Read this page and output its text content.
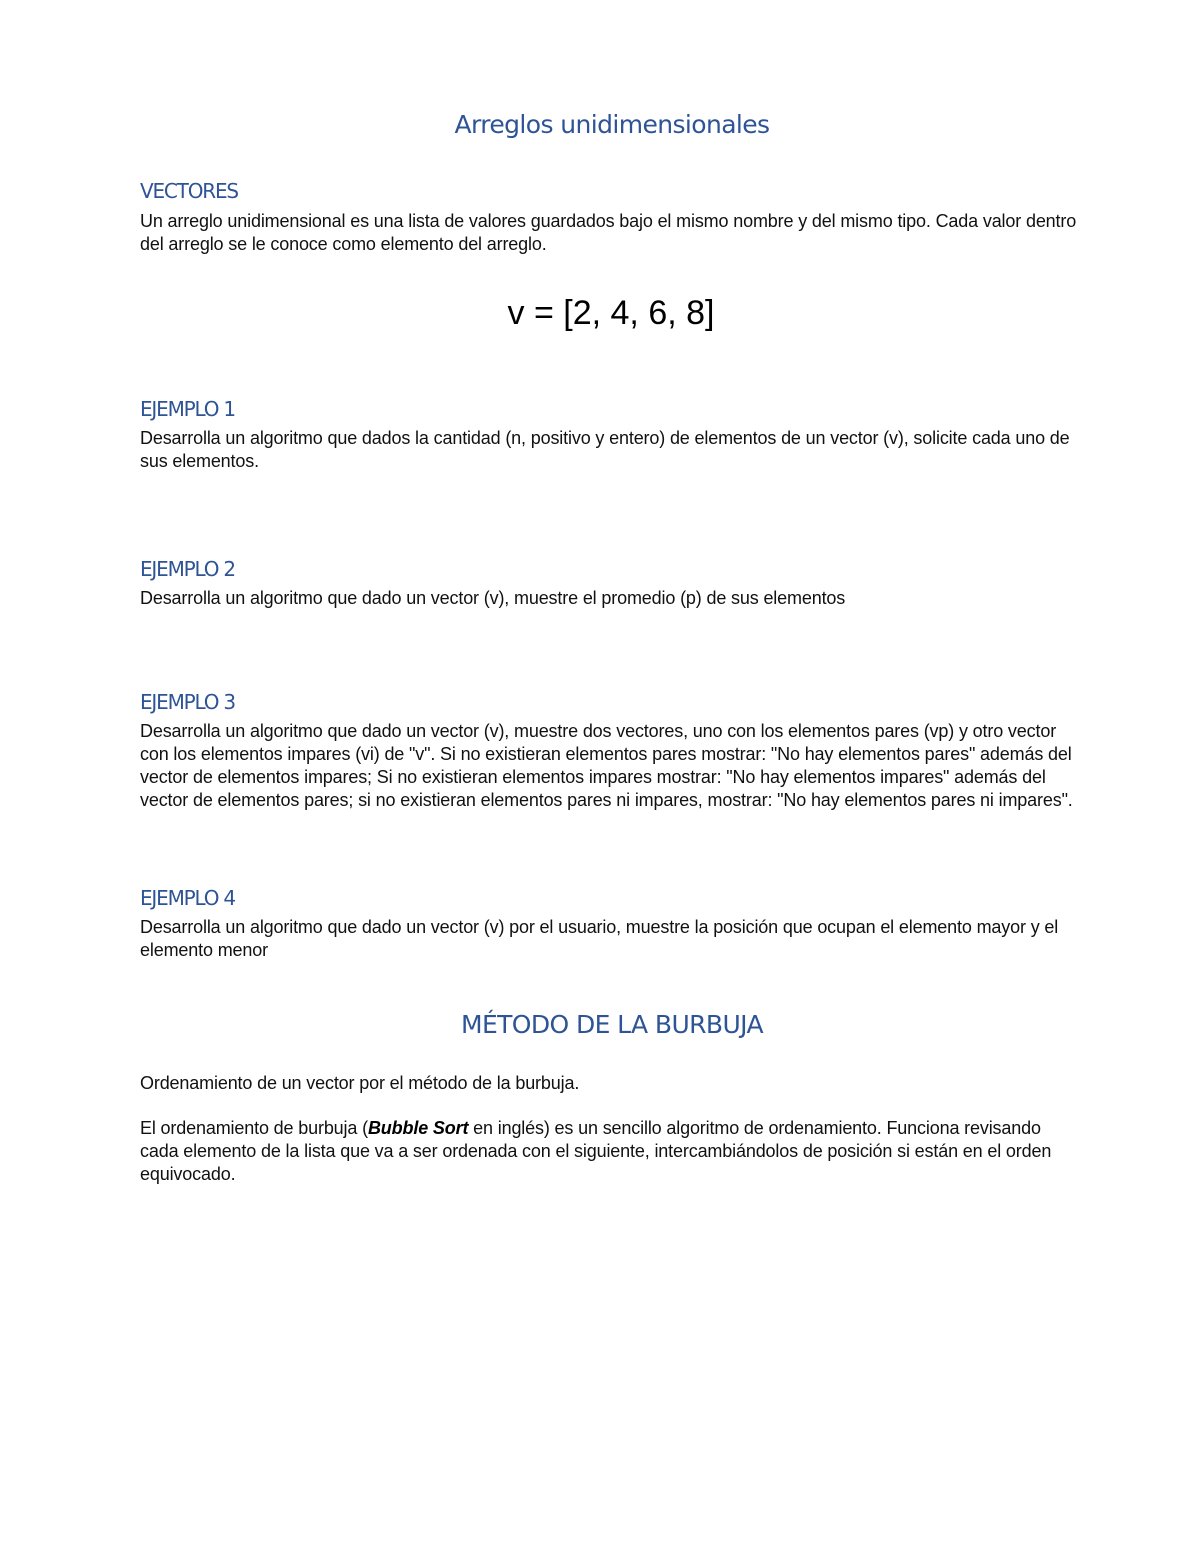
Arreglos unidimensionales
VECTORES

Un arreglo unidimensional es una lista de valores guardados bajo el mismo nombre y del mismo tipo. Cada valor dentro del arreglo se le conoce como elemento del arreglo.

v = [2, 4, 6, 8]

EJEMPLO 1

Desarrolla un algoritmo que dados la cantidad (n, positivo y entero) de elementos de un vector (v), solicite cada uno de sus elementos.

EJEMPLO 2

Desarrolla un algoritmo que dado un vector (v), muestre el promedio (p) de sus elementos

EJEMPLO 3

Desarrolla un algoritmo que dado un vector (v), muestre dos vectores, uno con los elementos pares (vp) y otro vector con los elementos impares (vi) de "v". Si no existieran elementos pares mostrar: "No hay elementos pares" además del vector de elementos impares; Si no existieran elementos impares mostrar: "No hay elementos impares" además del vector de elementos pares; si no existieran elementos pares ni impares, mostrar: "No hay elementos pares ni impares".

EJEMPLO 4

Desarrolla un algoritmo que dado un vector (v) por el usuario, muestre la posición que ocupan el elemento mayor y el elemento menor

MÉTODO DE LA BURBUJA

Ordenamiento de un vector por el método de la burbuja.

El ordenamiento de burbuja (Bubble Sort en inglés) es un sencillo algoritmo de ordenamiento. Funciona revisando cada elemento de la lista que va a ser ordenada con el siguiente, intercambiándolos de posición si están en el orden equivocado.
